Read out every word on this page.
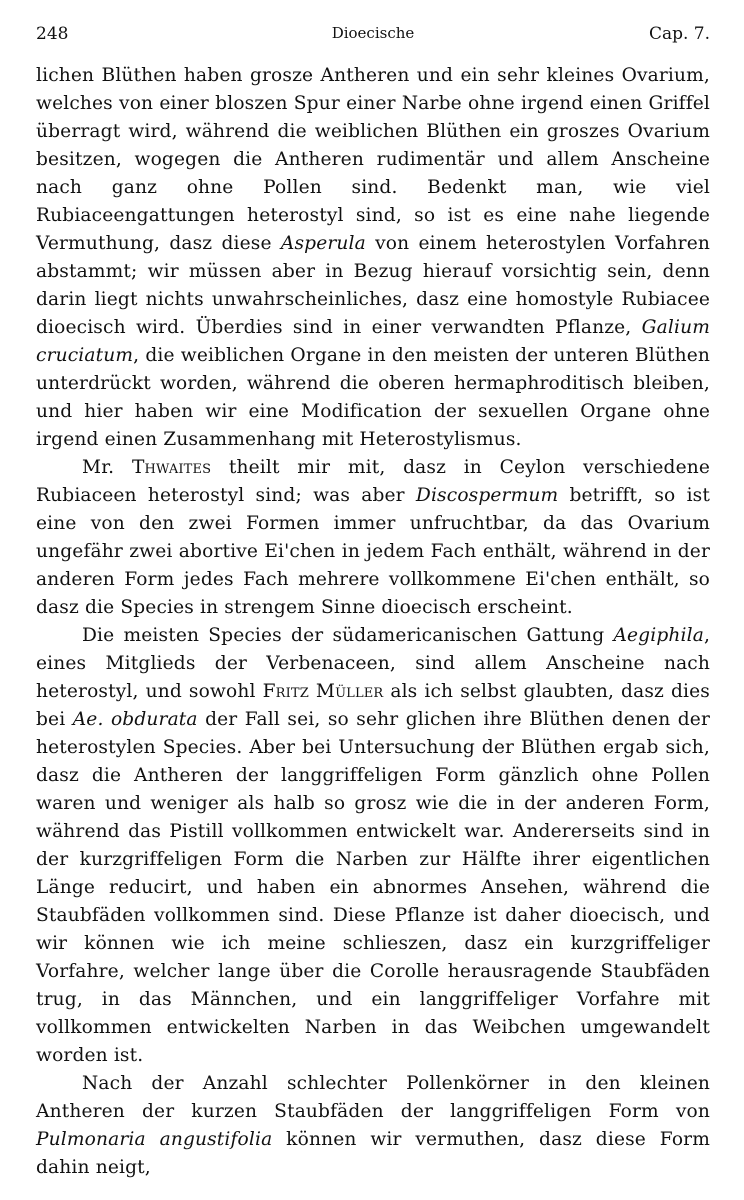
248	Dioecische	Cap. 7.

lichen Blüthen haben grosze Antheren und ein sehr kleines Ovarium, welches von einer bloszen Spur einer Narbe ohne irgend einen Griffel überragt wird, während die weiblichen Blüthen ein groszes Ovarium besitzen, wogegen die Antheren rudimentär und allem Anscheine nach ganz ohne Pollen sind. Bedenkt man, wie viel Rubiaceengattungen heterostyl sind, so ist es eine nahe liegende Vermuthung, dasz diese Asperula von einem heterostylen Vorfahren abstammt; wir müssen aber in Bezug hierauf vorsichtig sein, denn darin liegt nichts unwahrscheinliches, dasz eine homostyle Rubiacee dioecisch wird. Überdies sind in einer verwandten Pflanze, Galium cruciatum, die weiblichen Organe in den meisten der unteren Blüthen unterdrückt worden, während die oberen hermaphroditisch bleiben, und hier haben wir eine Modification der sexuellen Organe ohne irgend einen Zusammenhang mit Heterostylismus.

Mr. Thwaites theilt mir mit, dasz in Ceylon verschiedene Rubiaceen heterostyl sind; was aber Discospermum betrifft, so ist eine von den zwei Formen immer unfruchtbar, da das Ovarium ungefähr zwei abortive Ei'chen in jedem Fach enthält, während in der anderen Form jedes Fach mehrere vollkommene Ei'chen enthält, so dasz die Species in strengem Sinne dioecisch erscheint.

Die meisten Species der südamericanischen Gattung Aegiphila, eines Mitglieds der Verbenaceen, sind allem Anscheine nach heterostyl, und sowohl Fritz Müller als ich selbst glaubten, dasz dies bei Ae. obdurata der Fall sei, so sehr glichen ihre Blüthen denen der heterostylen Species. Aber bei Untersuchung der Blüthen ergab sich, dasz die Antheren der langgriffeligen Form gänzlich ohne Pollen waren und weniger als halb so grosz wie die in der anderen Form, während das Pistill vollkommen entwickelt war. Andererseits sind in der kurzgriffeligen Form die Narben zur Hälfte ihrer eigentlichen Länge reducirt, und haben ein abnormes Ansehen, während die Staubfäden vollkommen sind. Diese Pflanze ist daher dioecisch, und wir können wie ich meine schlieszen, dasz ein kurzgriffeliger Vorfahre, welcher lange über die Corolle herausragende Staubfäden trug, in das Männchen, und ein langgriffeliger Vorfahre mit vollkommen entwickelten Narben in das Weibchen umgewandelt worden ist.

Nach der Anzahl schlechter Pollenkörner in den kleinen Antheren der kurzen Staubfäden der langgriffeligen Form von Pulmonaria angustifolia können wir vermuthen, dasz diese Form dahin neigt,
